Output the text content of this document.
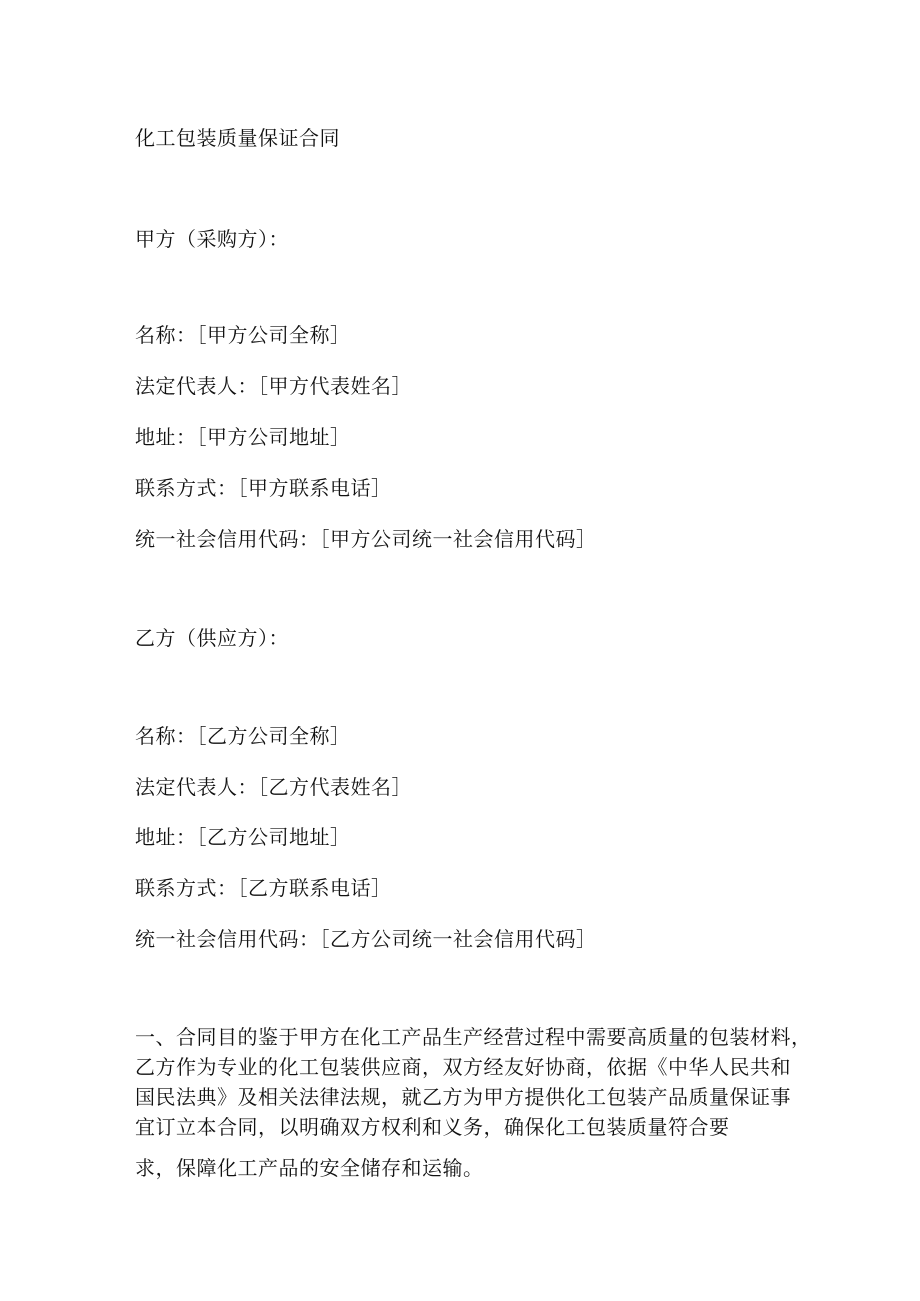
化工包装质量保证合同
甲方（采购方）：
名称：［甲方公司全称］
法定代表人：［甲方代表姓名］
地址：［甲方公司地址］
联系方式：［甲方联系电话］
统一社会信用代码：［甲方公司统一社会信用代码］
乙方（供应方）：
名称：［乙方公司全称］
法定代表人：［乙方代表姓名］
地址：［乙方公司地址］
联系方式：［乙方联系电话］
统一社会信用代码：［乙方公司统一社会信用代码］
一、合同目的鉴于甲方在化工产品生产经营过程中需要高质量的包装材料，
乙方作为专业的化工包装供应商，双方经友好协商，依据《中华人民共和
国民法典》及相关法律法规，就乙方为甲方提供化工包装产品质量保证事
宜订立本合同，以明确双方权利和义务，确保化工包装质量符合要
求，保障化工产品的安全储存和运输。
